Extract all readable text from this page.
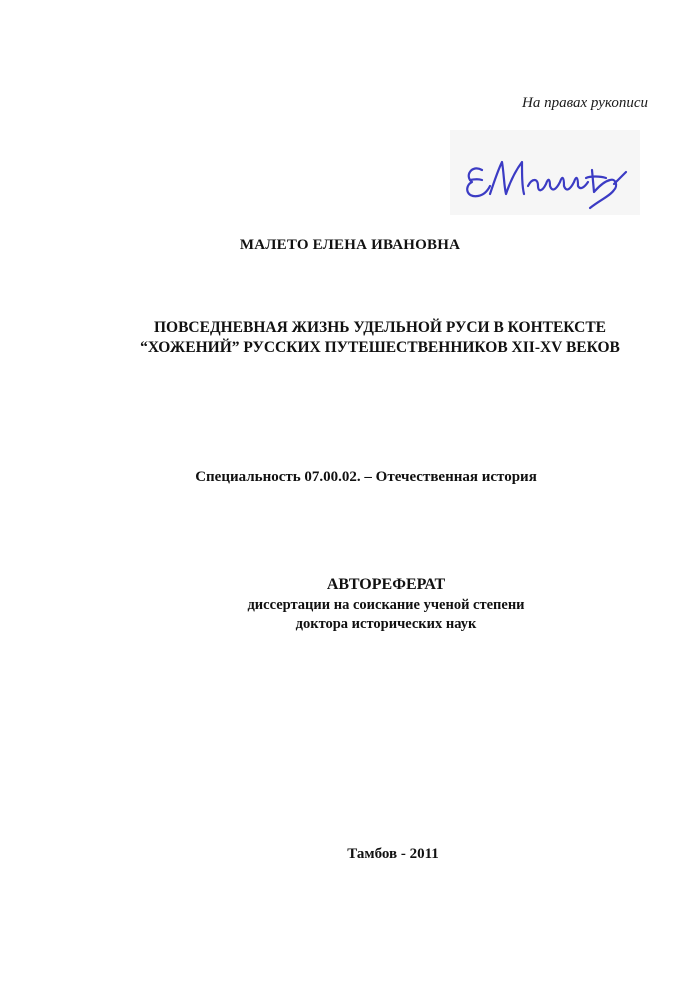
На правах рукописи
МАЛЕТО ЕЛЕНА ИВАНОВНА
ПОВСЕДНЕВНАЯ ЖИЗНЬ УДЕЛЬНОЙ РУСИ В КОНТЕКСТЕ
“ХОЖЕНИЙ” РУССКИХ ПУТЕШЕСТВЕННИКОВ XII-XV ВЕКОВ
Специальность 07.00.02. – Отечественная история
АВТОРЕФЕРАТ
диссертации на соискание ученой степени
доктора исторических наук
Тамбов - 2011
